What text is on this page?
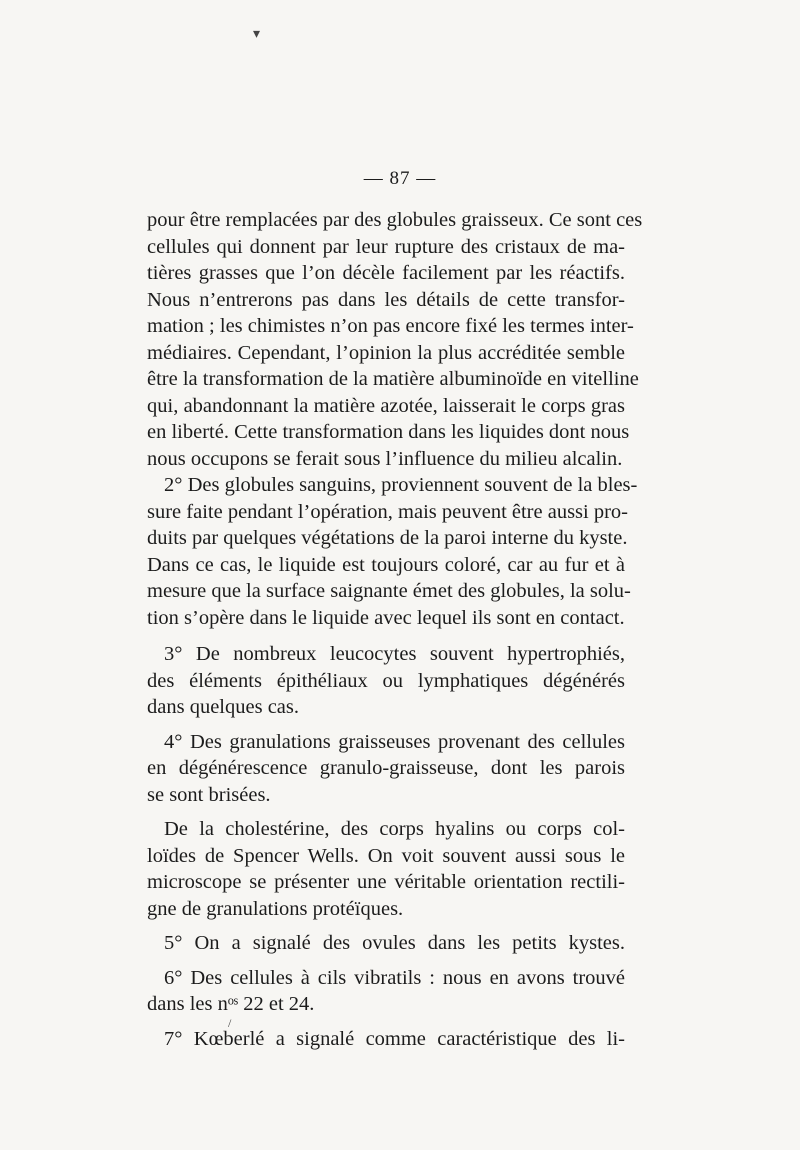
▾
— 87 —
pour être remplacées par des globules graisseux. Ce sont ces
cellules qui donnent par leur rupture des cristaux de ma-
tières grasses que l’on décèle facilement par les réactifs.
Nous n’entrerons pas dans les détails de cette transfor-
mation ; les chimistes n’on pas encore fixé les termes inter-
médiaires. Cependant, l’opinion la plus accréditée semble
être la transformation de la matière albuminoïde en vitelline
qui, abandonnant la matière azotée, laisserait le corps gras
en liberté. Cette transformation dans les liquides dont nous
nous occupons se ferait sous l’influence du milieu alcalin.
2° Des globules sanguins, proviennent souvent de la bles-
sure faite pendant l’opération, mais peuvent être aussi pro-
duits par quelques végétations de la paroi interne du kyste.
Dans ce cas, le liquide est toujours coloré, car au fur et à
mesure que la surface saignante émet des globules, la solu-
tion s’opère dans le liquide avec lequel ils sont en contact.
3° De nombreux leucocytes souvent hypertrophiés,
des éléments épithéliaux ou lymphatiques dégénérés
dans quelques cas.
4° Des granulations graisseuses provenant des cellules
en dégénérescence granulo-graisseuse, dont les parois
se sont brisées.
De la cholestérine, des corps hyalins ou corps col-
loïdes de Spencer Wells. On voit souvent aussi sous le
microscope se présenter une véritable orientation rectili-
gne de granulations protéïques.
5° On a signalé des ovules dans les petits kystes.
6° Des cellules à cils vibratils : nous en avons trouvé
dans les nᵒˢ 22 et 24.
7° Kœberlé a signalé comme caractéristique des li-
/
